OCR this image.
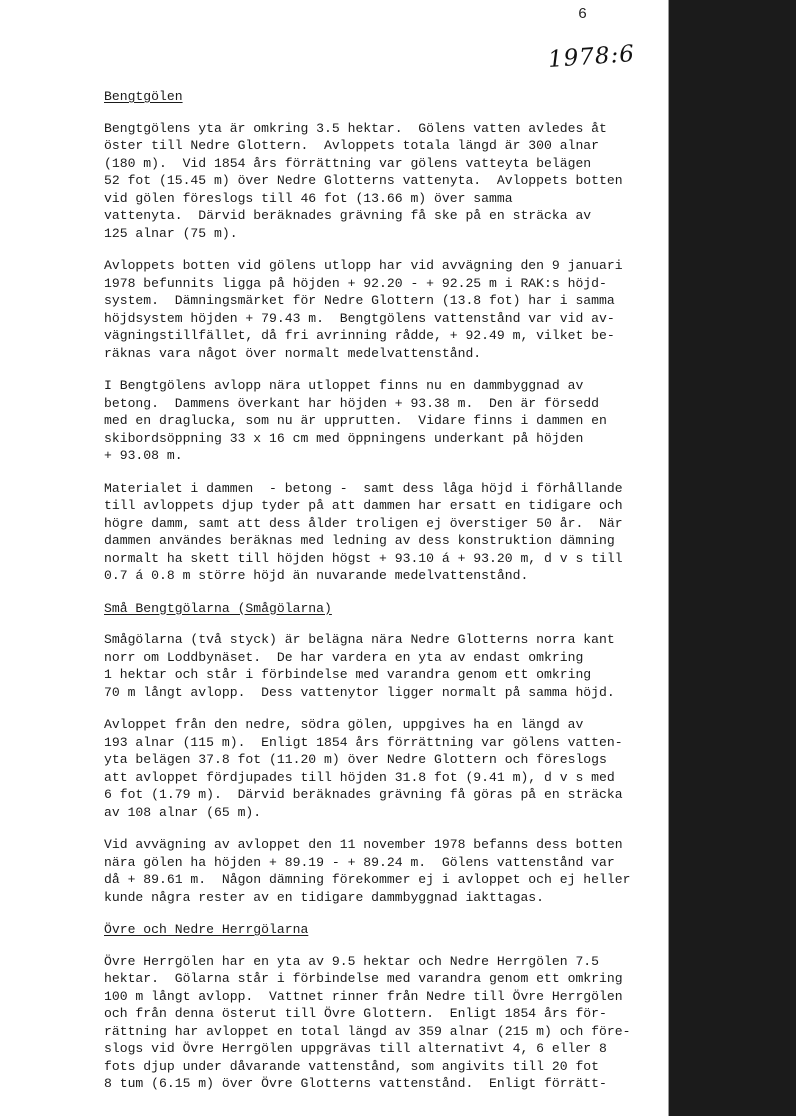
6
1978:6
Bengtgölen
Bengtgölens yta är omkring 3.5 hektar.  Gölens vatten avledes åt
öster till Nedre Glottern.  Avloppets totala längd är 300 alnar
(180 m).  Vid 1854 års förrättning var gölens vatteyta belägen
52 fot (15.45 m) över Nedre Glotterns vattenyta.  Avloppets botten
vid gölen föreslogs till 46 fot (13.66 m) över samma
vattenyta.  Därvid beräknades grävning få ske på en sträcka av
125 alnar (75 m).
Avloppets botten vid gölens utlopp har vid avvägning den 9 januari
1978 befunnits ligga på höjden + 92.20 - + 92.25 m i RAK:s höjd-
system.  Dämningsmärket för Nedre Glottern (13.8 fot) har i samma
höjdsystem höjden + 79.43 m.  Bengtgölens vattenstånd var vid av-
vägningstillfället, då fri avrinning rådde, + 92.49 m, vilket be-
räknas vara något över normalt medelvattenstånd.
I Bengtgölens avlopp nära utloppet finns nu en dammbyggnad av
betong.  Dammens överkant har höjden + 93.38 m.  Den är försedd
med en draglucka, som nu är upprutten.  Vidare finns i dammen en
skibordsöppning 33 x 16 cm med öppningens underkant på höjden
+ 93.08 m.
Materialet i dammen  - betong -  samt dess låga höjd i förhållande
till avloppets djup tyder på att dammen har ersatt en tidigare och
högre damm, samt att dess ålder troligen ej överstiger 50 år.  När
dammen användes beräknas med ledning av dess konstruktion dämning
normalt ha skett till höjden högst + 93.10 á + 93.20 m, d v s till
0.7 á 0.8 m större höjd än nuvarande medelvattenstånd.
Små Bengtgölarna (Smågölarna)
Smågölarna (två styck) är belägna nära Nedre Glotterns norra kant
norr om Loddbynäset.  De har vardera en yta av endast omkring
1 hektar och står i förbindelse med varandra genom ett omkring
70 m långt avlopp.  Dess vattenytor ligger normalt på samma höjd.
Avloppet från den nedre, södra gölen, uppgives ha en längd av
193 alnar (115 m).  Enligt 1854 års förrättning var gölens vatten-
yta belägen 37.8 fot (11.20 m) över Nedre Glottern och föreslogs
att avloppet fördjupades till höjden 31.8 fot (9.41 m), d v s med
6 fot (1.79 m).  Därvid beräknades grävning få göras på en sträcka
av 108 alnar (65 m).
Vid avvägning av avloppet den 11 november 1978 befanns dess botten
nära gölen ha höjden + 89.19 - + 89.24 m.  Gölens vattenstånd var
då + 89.61 m.  Någon dämning förekommer ej i avloppet och ej heller
kunde några rester av en tidigare dammbyggnad iakttagas.
Övre och Nedre Herrgölarna
Övre Herrgölen har en yta av 9.5 hektar och Nedre Herrgölen 7.5
hektar.  Gölarna står i förbindelse med varandra genom ett omkring
100 m långt avlopp.  Vattnet rinner från Nedre till Övre Herrgölen
och från denna österut till Övre Glottern.  Enligt 1854 års för-
rättning har avloppet en total längd av 359 alnar (215 m) och före-
slogs vid Övre Herrgölen uppgrävas till alternativt 4, 6 eller 8
fots djup under dåvarande vattenstånd, som angivits till 20 fot
8 tum (6.15 m) över Övre Glotterns vattenstånd.  Enligt förrätt-
